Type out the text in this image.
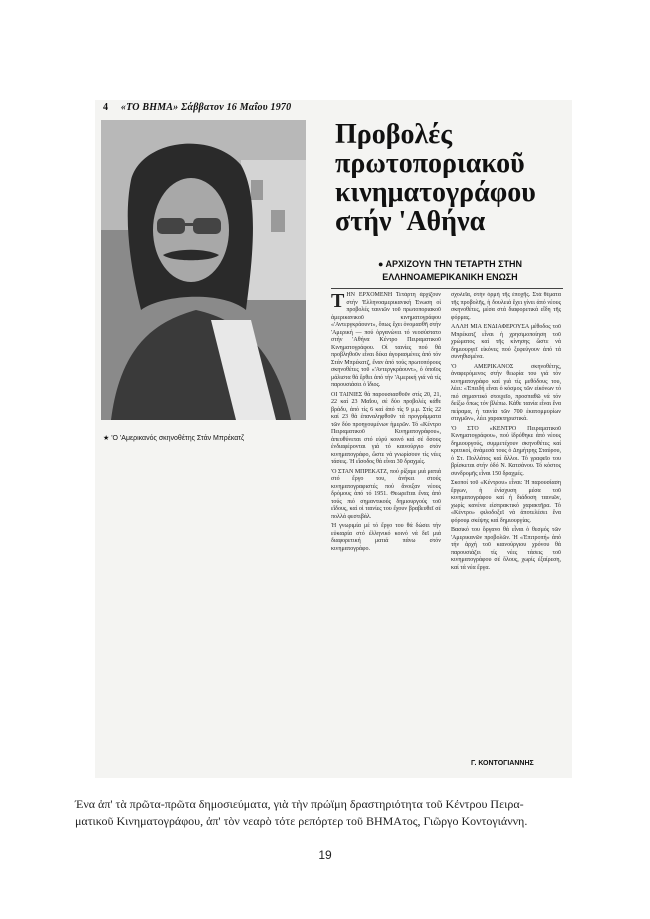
4 «ΤΟ ΒΗΜΑ» Σάββατον 16 Μαΐου 1970
★ 'Ο 'Αμερικανός σκηνοθέτης Στάν Μπρέκατζ
Προβολές
πρωτοποριακοῦ
κινηματογράφου
στήν 'Αθήνα
● ΑΡΧΙΖΟΥΝ ΤΗΝ ΤΕΤΑΡΤΗ ΣΤΗΝ
ΕΛΛΗΝΟΑΜΕΡΙΚΑΝΙΚΗ ΕΝΩΣΗ
Τ ΗΝ ΕΡΧΟΜΕΝΗ Τετάρτη ἀρχίζουν στήν 'Ελληνοαμερικανική Ένωση οἱ προβολές ταινιῶν τοῦ πρωτοποριακοῦ ἀμερικανικοῦ κινηματογράφου «'Αντεργκράουντ», ὅπως ἔχει ὀνομασθῆ στήν 'Αμερική — πού ὀργανώνει τό νεοσύστατο στήν 'Αθήνα Κέντρο Πειραματικοῦ Κινηματογράφου. Οἱ ταινίες πού θά προβληθοῦν εἶναι δέκα ἀγορασμένες ἀπό τόν Στάν Μπρέκατζ, ἕναν ἀπό τούς πρωτοπόρους σκηνοθέτες τοῦ «'Αντεργκράουντ», ὁ ὁποῖος μάλιστα θά ἔρθει ἀπό τήν 'Αμερική γιά νά τίς παρουσιάσει ὁ ἴδιος.

ΟΙ ΤΑΙΝΙΕΣ θά παρουσιασθοῦν στίς 20, 21, 22 καί 23 Μαΐου, σέ δύο προβολές κάθε βράδυ, ἀπό τίς 6 καί ἀπό τίς 9 μ.μ. Στίς 22 καί 23 θά ἐπαναληφθοῦν τά προγράμματα τῶν δύο προηγουμένων ἡμερῶν. Τό «Κέντρο Πειραματικοῦ Κινηματογράφου», ἀπευθύνεται στό εὐρύ κοινό καί σέ ὅσους ἐνδιαφέρονται γιά τό καινούργιο στόν κινηματογράφο, ὥστε νά γνωρίσουν τίς νέες τάσεις. Ἡ εἴσοδος θά εἶναι 30 δραχμές.

'Ο ΣΤΑΝ ΜΠΡΕΚΑΤΖ, πού ρίξαμε μιά ματιά στό ἔργο του, ἀνήκει στούς κινηματογραφιστές πού ἄνοιξαν νέους δρόμους ἀπό τό 1951. Θεωρεῖται ἕνας ἀπό τούς πιό σημαντικούς δημιουργούς τοῦ εἴδους, καί οἱ ταινίες του ἔχουν βραβευθεῖ σέ πολλά φεστιβάλ.

Ἡ γνωριμία μέ τό ἔργο του θά δώσει τήν εὐκαιρία στό ἑλληνικό κοινό νά δεῖ μιά διαφορετική ματιά πάνω στόν κινηματογράφο.

σχολεῖα, στήν ὁρμή τῆς ἐποχῆς. Στά θέματα τῆς προβολῆς, ἡ δουλειά ἔχει γίνει ἀπό νέους σκηνοθέτες, μέσα στά διαφορετικά εἴδη τῆς φόρμας.

ΑΛΛΗ ΜΙΑ ΕΝΔΙΑΦΕΡΟΥΣΑ μέθοδος τοῦ Μπρέκατζ εἶναι ἡ χρησιμοποίηση τοῦ χρώματος καί τῆς κίνησης ὥστε νά δημιουργεῖ εἰκόνες πού ξεφεύγουν ἀπό τά συνηθισμένα.

'Ο ΑΜΕΡΙΚΑΝΟΣ σκηνοθέτης, ἀναφερόμενος στήν θεωρία του γιά τόν κινηματογράφο καί γιά τίς μεθόδους του, λέει: «Ἐπειδή εἶναι ὁ κόσμος τῶν εἰκόνων τό πιό σημαντικό στοιχεῖο, προσπαθῶ νά τόν δείξω ὅπως τόν βλέπω. Κάθε ταινία εἶναι ἕνα πείραμα, ἡ ταινία τῶν 700 ἐκατομμυρίων στιγμῶν», λέει χαρακτηριστικά.

'Ο ΣΤΟ «ΚΕΝΤΡΟ Πειραματικοῦ Κινηματογράφου», πού ἱδρύθηκε ἀπό νέους δημιουργούς, συμμετέχουν σκηνοθέτες καί κριτικοί, ἀνάμεσά τους ὁ Δημήτρης Σταύρου, ὁ Στ. Πολλάτος καί ἄλλοι. Τό γραφεῖο του βρίσκεται στήν ὁδό Ν. Κατσάνου. Τό κόστος συνδρομῆς εἶναι 150 δραχμές.

Σκοποί τοῦ «Κέντρου» εἶναι: Ἡ παρουσίαση ἔργων, ἡ ἐνίσχυση μέσα τοῦ κινηματογράφου καί ἡ διάδοση ταινιῶν, χωρίς κανένα εἰσπρακτικό χαρακτῆρα. Τό «Κέντρο» φιλοδοξεῖ νά ἀποτελέσει ἕνα φόρουμ σκέψης καί δημιουργίας.

Βασικό του ὄργανο θά εἶναι ὁ θεσμός τῶν 'Αμερικανῶν προβολῶν. Ἡ «Ἐπιτροπή» ἀπό τήν ἀρχή τοῦ καινούργιου χρόνου θά παρουσιάζει τίς νέες τάσεις τοῦ κινηματογράφου σέ ὅλους, χωρίς ἐξαίρεση, καί τά νέα ἔργα.

Γ. ΚΟΝΤΟΓΙΑΝΝΗΣ
Ένα ἀπ' τὰ πρῶτα-πρῶτα δημοσιεύματα, γιὰ τὴν πρώϊμη δραστηριότητα τοῦ Κέντρου Πειρα-
ματικοῦ Κινηματογράφου, ἀπ' τὸν νεαρὸ τότε ρεπόρτερ τοῦ ΒΗΜΑτος, Γιῶργο Κοντογιάννη.
19
